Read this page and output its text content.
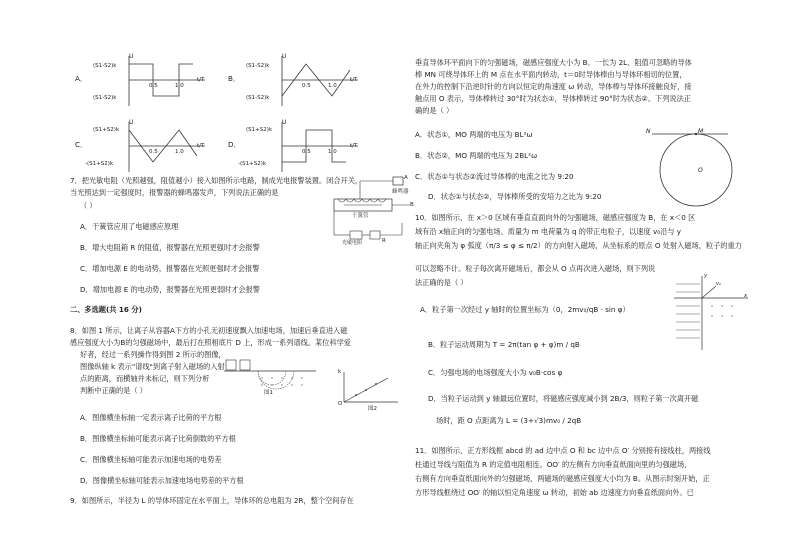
A．
(S1-S2)k
(S1-S2)k
U
0.5	1.0
t/T	B．
(S1-S2)k
(S1-S2)k
U
0.5	1.0
t/T
C．
(S1+S2)k
-(S1+S2)k
U
0.5	1.0
t/T	D．
(S1+S2)k
-(S1+S2)k
U
0.5	1.0
t/T
7．把光敏电阻（光照越强，阻值越小）接入如图所示电路，制成光电报警装置。闭合开关，
当光照达到一定强度时，报警器的蜂鸣器发声，下列说法正确的是
（ ）
A．干簧管应用了电磁感应原理
B．增大电阻箱 R 的阻值，报警器在光照更强时才会报警
C．增加电源 E 的电动势，报警器在光照更强时才会报警
D．增加电源 E 的电动势，报警器在光照更弱时才会报警
A
蜂鸣器
干簧管
B
光敏电阻	R
二、多选题(共 16 分)
8．如图 1 所示，让离子从容器A下方的小孔无初速度飘入加速电场，加速后垂直进入磁
感应强度大小为B的匀强磁场中，最后打在照相底片 D 上，形成一系列谱线。某位科学爱
好者，经过一系列操作得到图 2 所示的图像，
图像纵轴 k 表示"谱线"到离子射入磁场的入射
点的距离，而横轴并未标记，则下列分析
判断中正确的是（ ）	图1
k
O
图2
A．图像横坐标轴一定表示离子比荷的平方根
B．图像横坐标轴可能表示离子比荷倒数的平方根
C．图像横坐标轴可能表示加速电场的电势差
D．图像横坐标轴可能表示加速电场电势差的平方根
9．如图所示，半径为 L 的导体环固定在水平面上，导体环的总电阻为 2R，整个空间存在
垂直导体环平面向下的匀强磁场，磁感应强度大小为 B。一长为 2L、阻值可忽略的导体
棒 MN 可绕导体环上的 M 点在水平面内转动，t＝0时导体棒由与导体环相切的位置，
在外力的控制下沿逆时针的方向以恒定的角速度 ω 转动，导体棒与导体环接触良好，接
触点用 O 表示，导体棒转过 30°时为状态①，导体棒转过 90°时为状态②。下列说法正
确的是（ ）
A．状态①，MO 两端的电压为 BL²ω
B．状态②，MO 两端的电压为 2BL²ω
C．状态①与状态②流过导体棒的电流之比为 9:20
D．状态①与状态②，导体棒所受的安培力之比为 9:20
N	M
O
10．如图所示，在 x＞0 区域有垂直直面向外的匀强磁场，磁感应强度为 B，在 x＜0 区
域有沿 x轴正向的匀强电场。质量为 m 电荷量为 q 的带正电粒子，以速度 v₀沿与 y
轴正向夹角为 φ 弧度（π/3 ≤ φ ≤ π/2）的方向射入磁场，从坐标系的原点 O 处射入磁场，粒子的重力
可以忽略不计。粒子每次离开磁场后，都会从 O 点再次进入磁场，则下列说
法正确的是（ ）
A．粒子第一次经过 y 轴时的位置坐标为（0，2mv₀/qB · sin φ）
B．粒子运动周期为 T = 2π(tan φ + φ)m / qB
C．匀强电场的电场强度大小为 v₀B·cos φ
D．当粒子运动到 y 轴最远位置时，将磁感应强度减小到 2B/3，则粒子第一次离开磁
场时，距 O 点距离为 L = (3+√3)mv₀ / 2qB
y
x
v₀
11．如图所示，正方形线框 abcd 的 ad 边中点 O 和 bc 边中点 O′ 分别接有接线柱，两接线
柱通过导线与阻值为 R 的定值电阻相连。OO′ 的左侧有方向垂直纸面向里的匀强磁场，
右侧有方向垂直纸面向外的匀强磁场，两磁场的磁感应强度大小均为 B。从图示时刻开始，正
方形导线框绕过 OO′ 的轴以恒定角速度 ω 转动，初始 ab 边速度方向垂直纸面向外。已
